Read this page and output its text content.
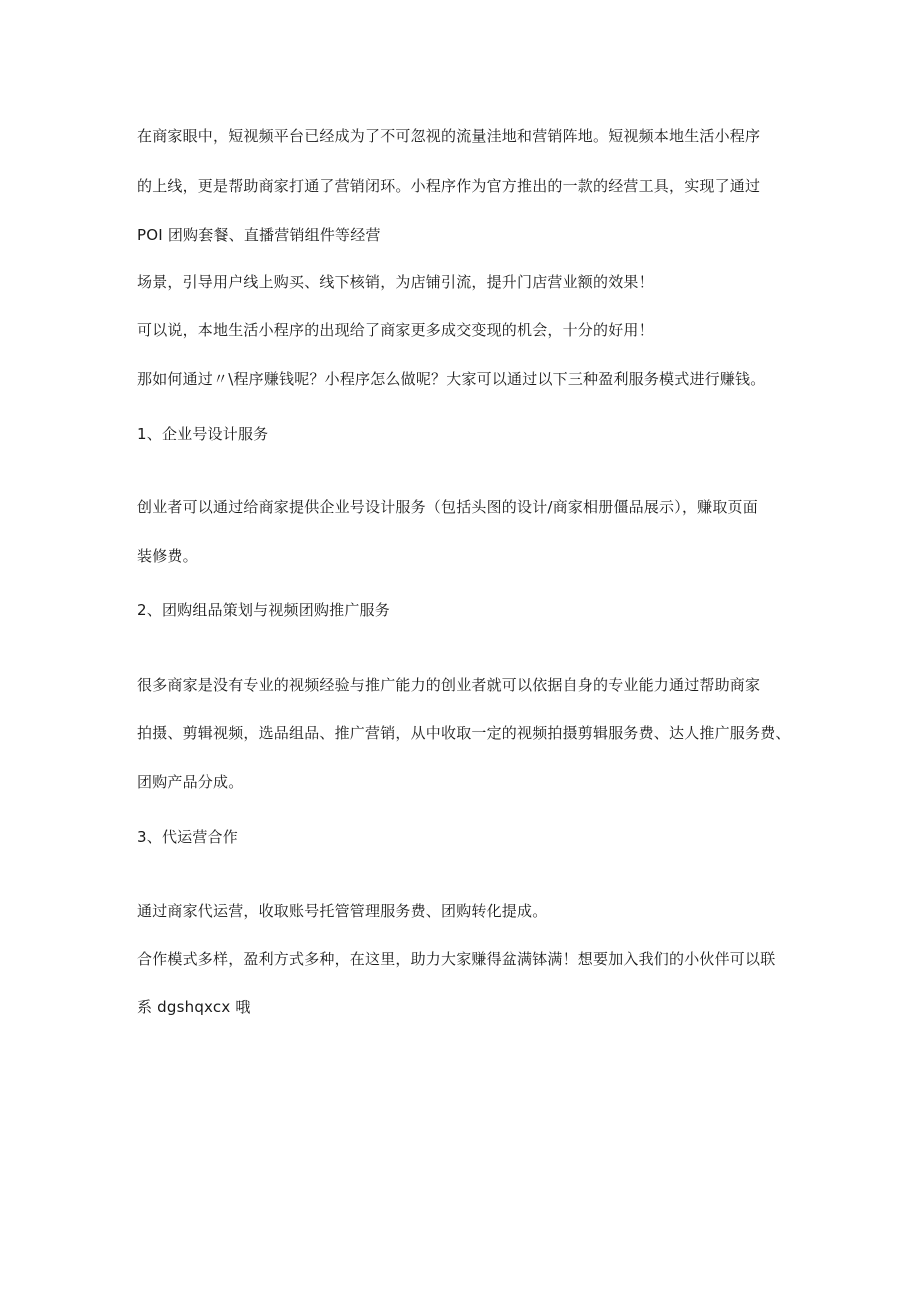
在商家眼中，短视频平台已经成为了不可忽视的流量洼地和营销阵地。短视频本地生活小程序
的上线，更是帮助商家打通了营销闭环。小程序作为官方推出的一款的经营工具，实现了通过
POI 团购套餐、直播营销组件等经营
场景，引导用户线上购买、线下核销，为店铺引流，提升门店营业额的效果！
可以说，本地生活小程序的出现给了商家更多成交变现的机会，十分的好用！
那如何通过〃\程序赚钱呢？小程序怎么做呢？大家可以通过以下三种盈利服务模式进行赚钱。
1、企业号设计服务
创业者可以通过给商家提供企业号设计服务（包括头图的设计/商家相册僵品展示），赚取页面
装修费。
2、团购组品策划与视频团购推广服务
很多商家是没有专业的视频经验与推广能力的创业者就可以依据自身的专业能力通过帮助商家
拍摄、剪辑视频，选品组品、推广营销，从中收取一定的视频拍摄剪辑服务费、达人推广服务费、
团购产品分成。
3、代运营合作
通过商家代运营，收取账号托管管理服务费、团购转化提成。
合作模式多样，盈利方式多种，在这里，助力大家赚得盆满钵满！想要加入我们的小伙伴可以联
系 dgshqxcx 哦
